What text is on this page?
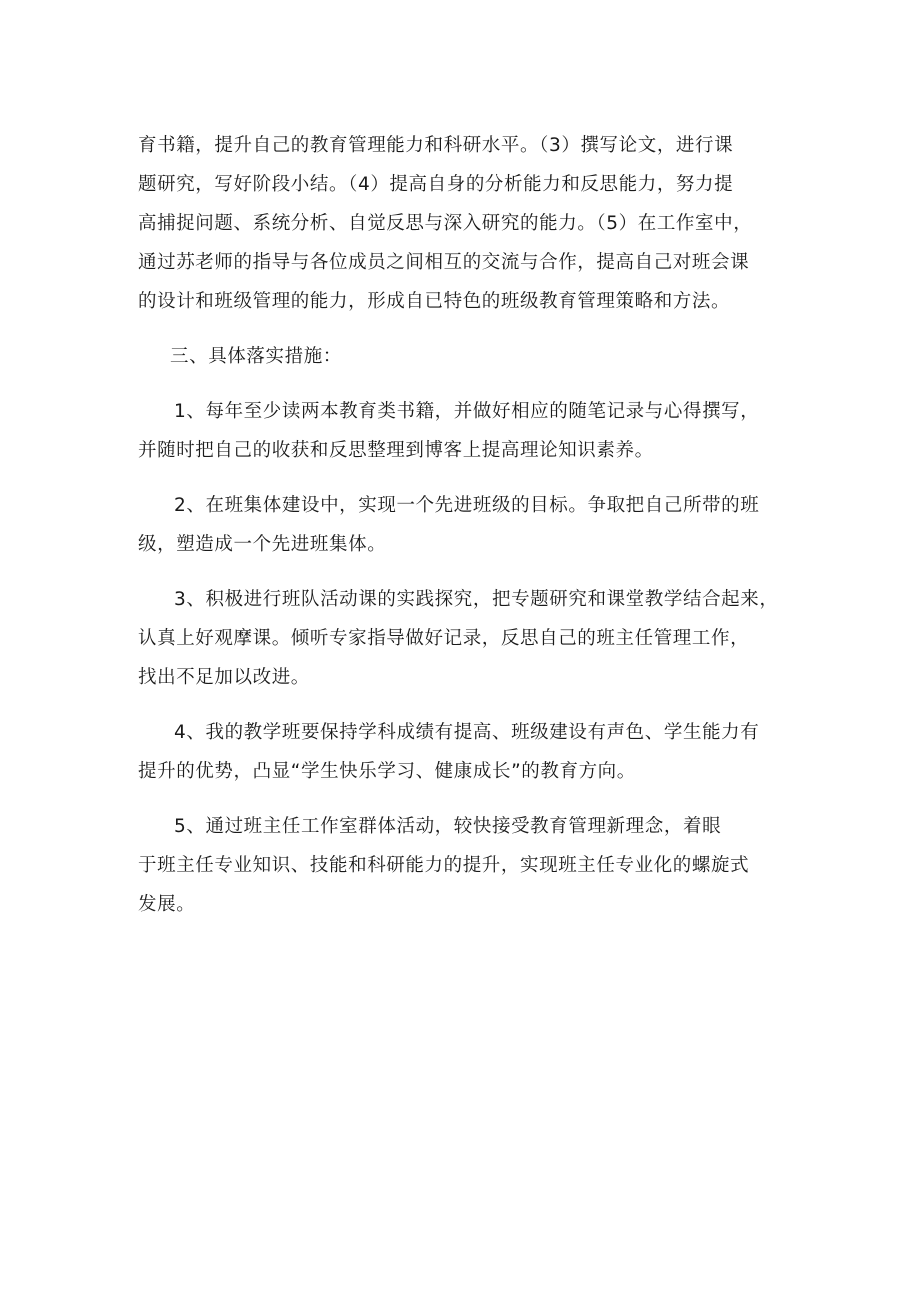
育书籍，提升自己的教育管理能力和科研水平。（3）撰写论文，进行课
题研究，写好阶段小结。（4）提高自身的分析能力和反思能力，努力提
高捕捉问题、系统分析、自觉反思与深入研究的能力。（5）在工作室中，
通过苏老师的指导与各位成员之间相互的交流与合作，提高自己对班会课
的设计和班级管理的能力，形成自已特色的班级教育管理策略和方法。
三、具体落实措施：
1、每年至少读两本教育类书籍，并做好相应的随笔记录与心得撰写，
并随时把自己的收获和反思整理到博客上提高理论知识素养。
2、在班集体建设中，实现一个先进班级的目标。争取把自己所带的班
级，塑造成一个先进班集体。
3、积极进行班队活动课的实践探究，把专题研究和课堂教学结合起来，
认真上好观摩课。倾听专家指导做好记录，反思自己的班主任管理工作，
找出不足加以改进。
4、我的教学班要保持学科成绩有提高、班级建设有声色、学生能力有
提升的优势，凸显“学生快乐学习、健康成长”的教育方向。
5、通过班主任工作室群体活动，较快接受教育管理新理念，着眼
于班主任专业知识、技能和科研能力的提升，实现班主任专业化的螺旋式
发展。
